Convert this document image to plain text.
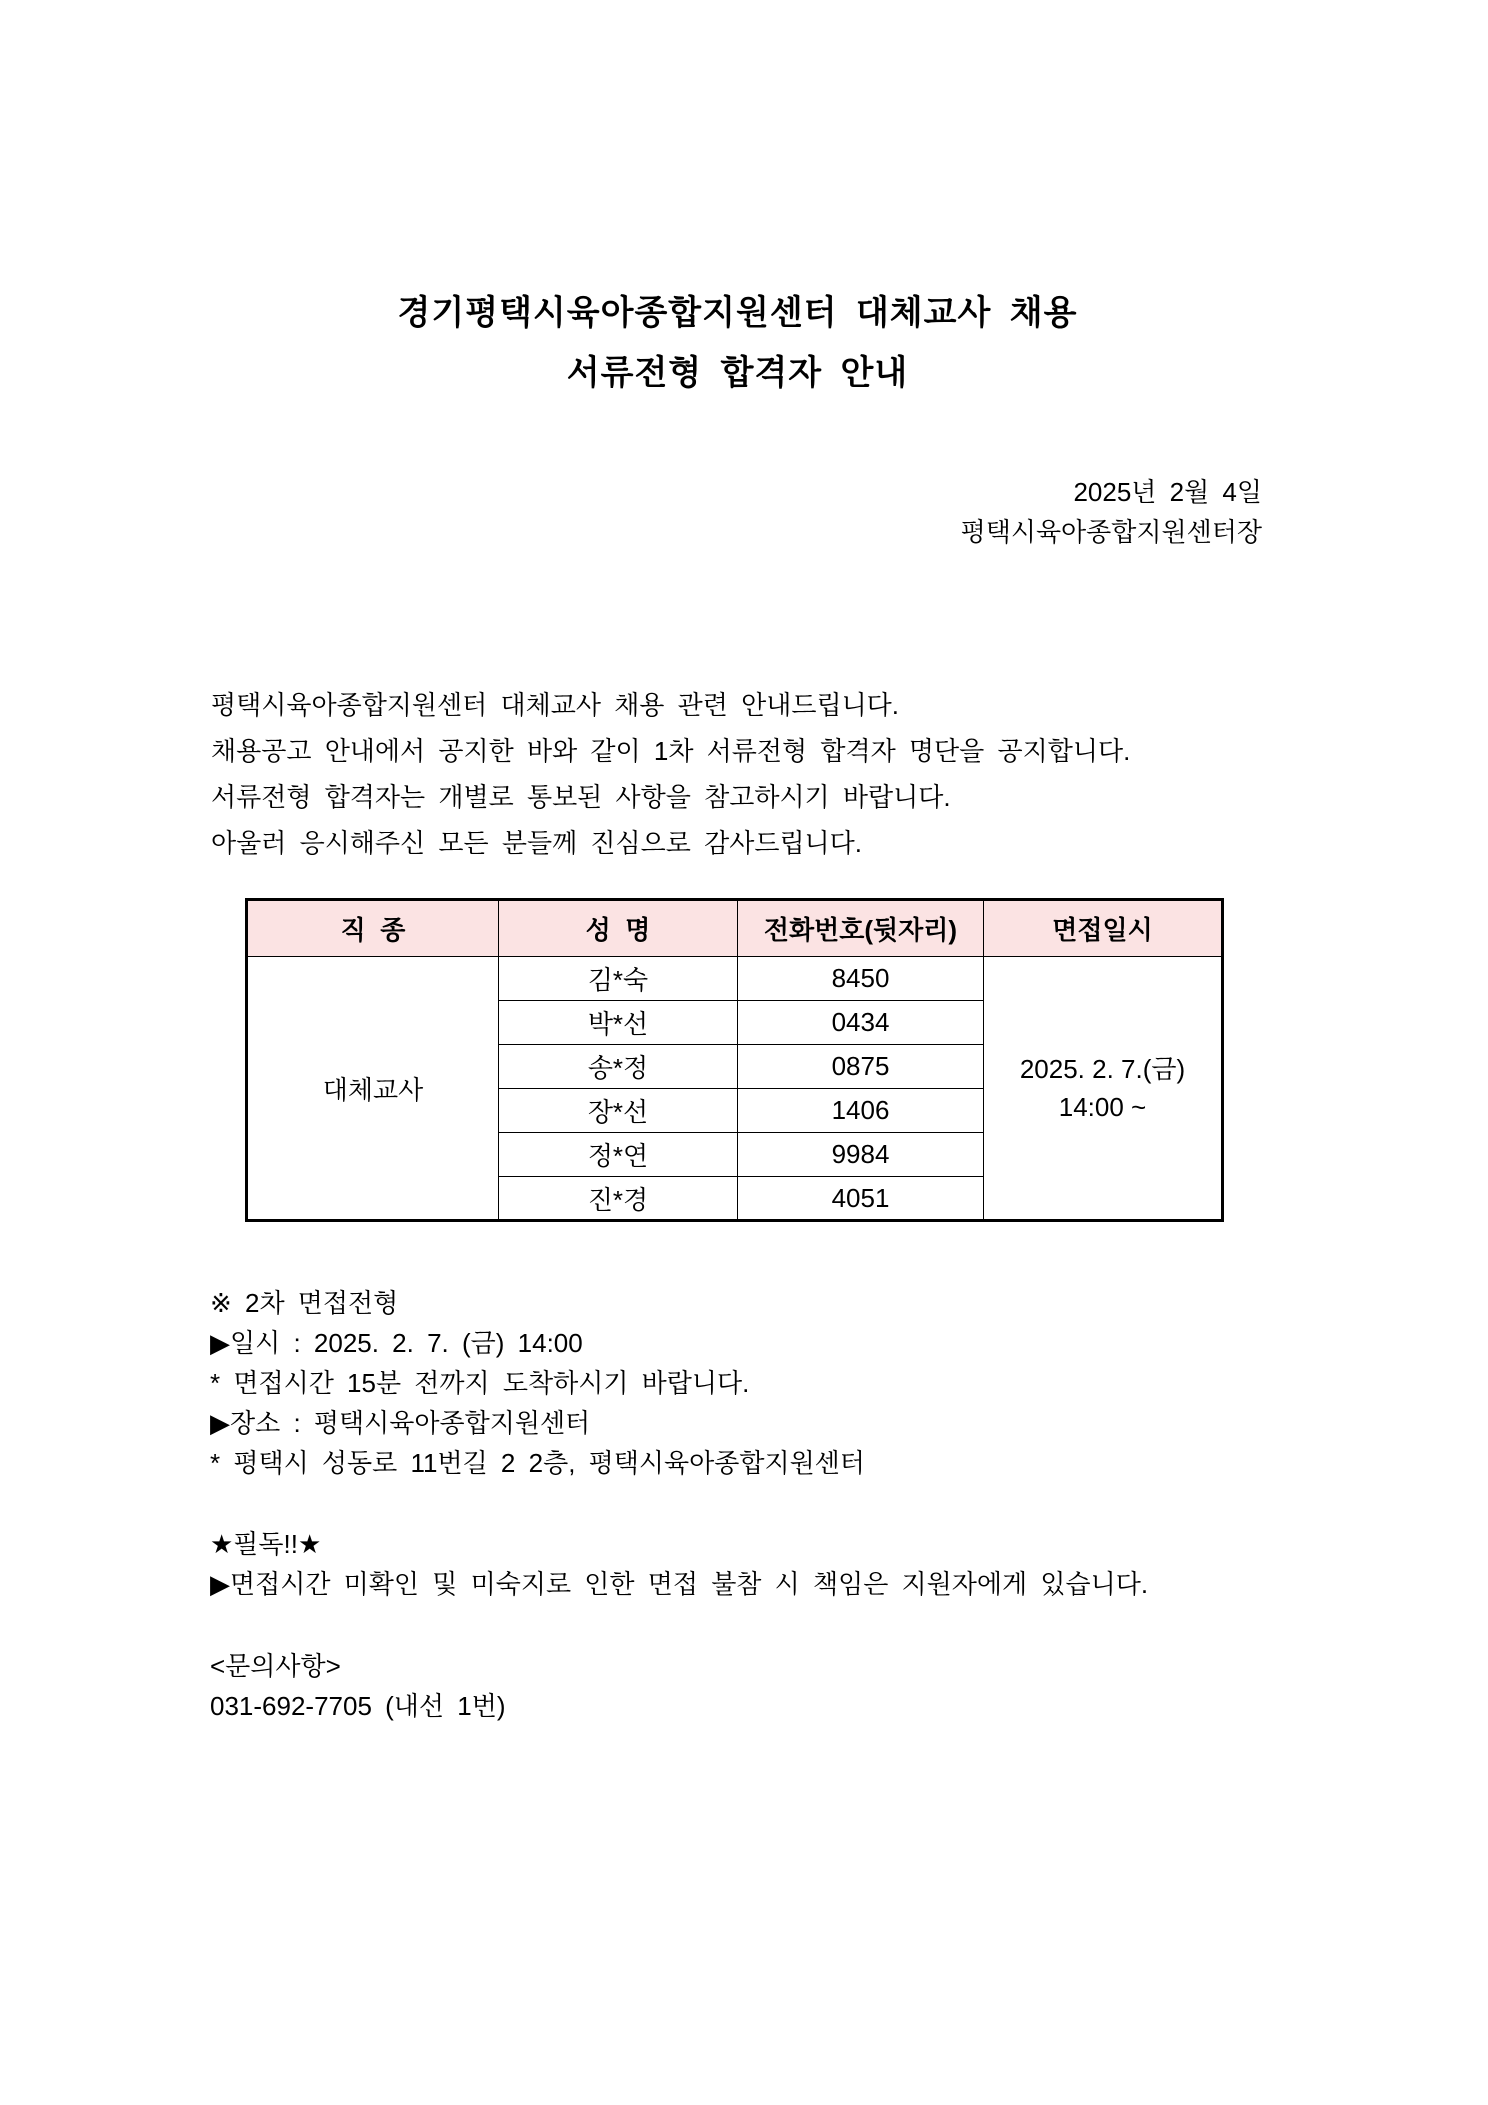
경기평택시육아종합지원센터 대체교사 채용
서류전형 합격자 안내
2025년 2월 4일
평택시육아종합지원센터장
평택시육아종합지원센터 대체교사 채용 관련 안내드립니다.
채용공고 안내에서 공지한 바와 같이 1차 서류전형 합격자 명단을 공지합니다.
서류전형 합격자는 개별로 통보된 사항을 참고하시기 바랍니다.
아울러 응시해주신 모든 분들께 진심으로 감사드립니다.
직  종	성  명	전화번호(뒷자리)	면접일시
대체교사	김*숙	8450	2025. 2. 7.(금)
14:00 ~

	박*선	0434	
	송*정	0875	
	장*선	1406	
	정*연	9984	
	진*경	4051	
※ 2차 면접전형
▶일시 : 2025. 2. 7. (금) 14:00
* 면접시간 15분 전까지 도착하시기 바랍니다.
▶장소 : 평택시육아종합지원센터
* 평택시 성동로 11번길 2 2층, 평택시육아종합지원센터
★필독!!★
▶면접시간 미확인 및 미숙지로 인한 면접 불참 시 책임은 지원자에게 있습니다.
<문의사항>
031-692-7705 (내선 1번)
